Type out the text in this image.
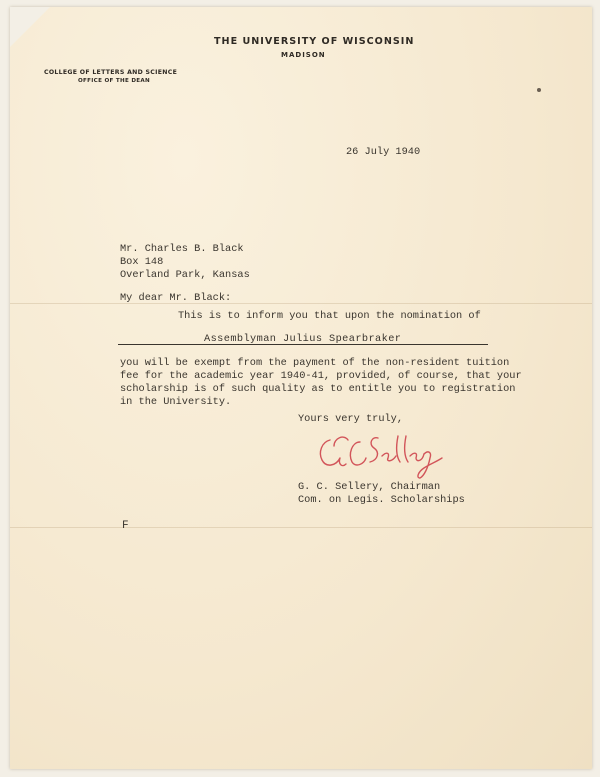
THE UNIVERSITY OF WISCONSIN
MADISON
COLLEGE OF LETTERS AND SCIENCE
OFFICE OF THE DEAN
26 July 1940
Mr. Charles B. Black
Box 148
Overland Park, Kansas
My dear Mr. Black:
This is to inform you that upon the nomination of
Assemblyman Julius Spearbraker
you will be exempt from the payment of the non-resident tuition
fee for the academic year 1940-41, provided, of course, that your
scholarship is of such quality as to entitle you to registration
in the University.
Yours very truly,
G. C. Sellery, Chairman
Com. on Legis. Scholarships
F
